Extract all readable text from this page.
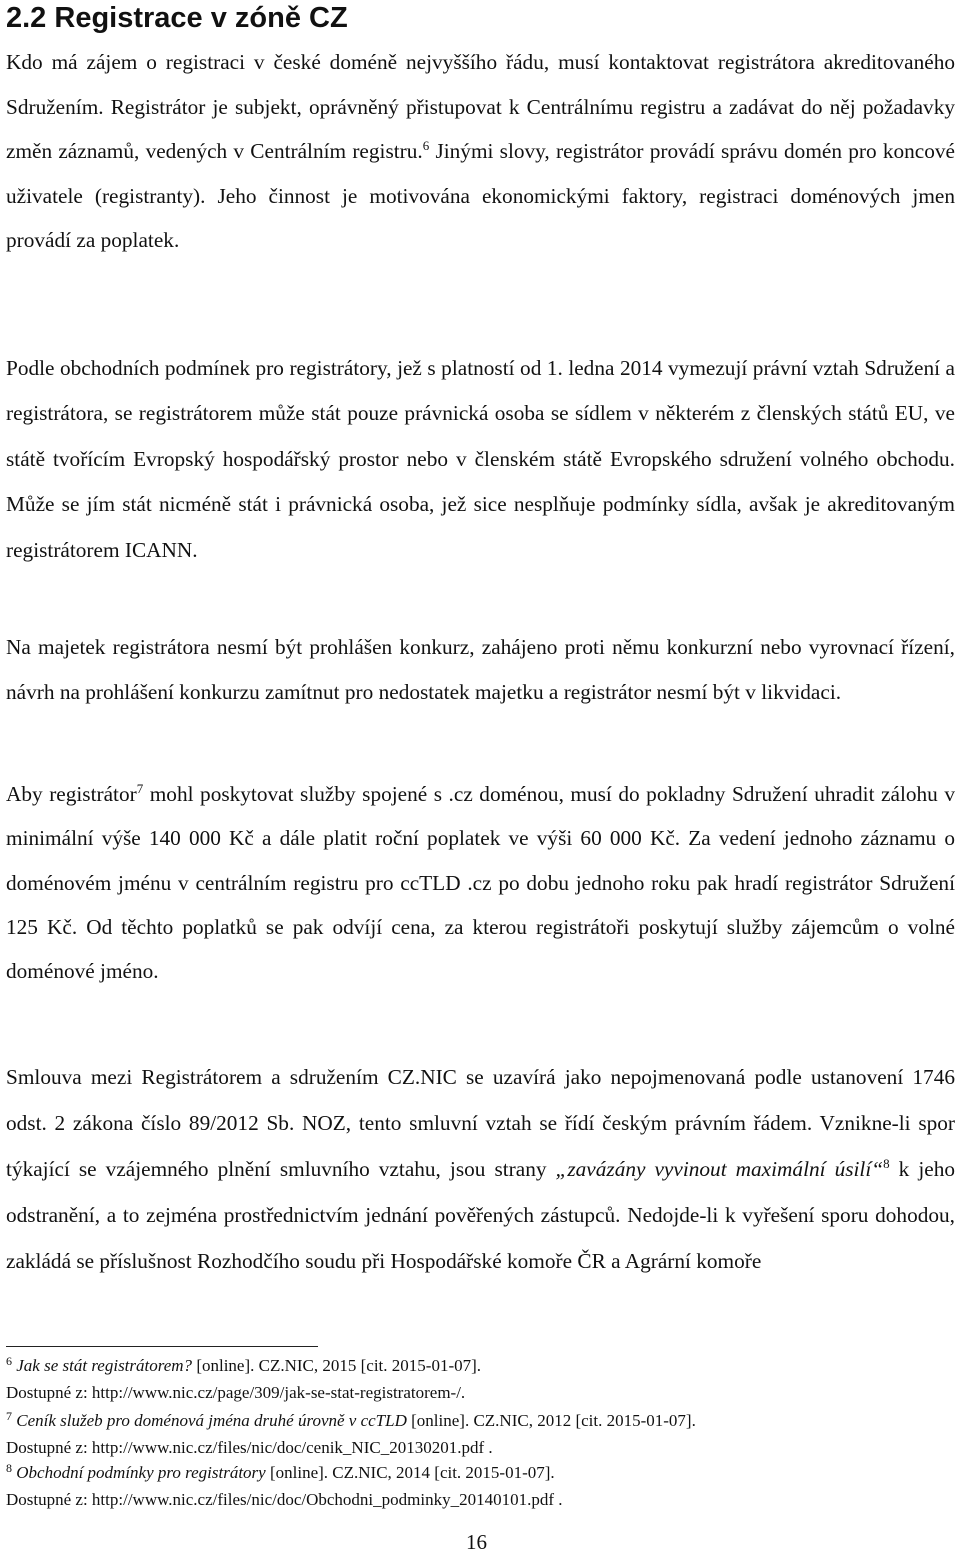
2.2 Registrace v zóně CZ

Kdo má zájem o registraci v české doméně nejvyššího řádu, musí kontaktovat registrátora akreditovaného Sdružením. Registrátor je subjekt, oprávněný přistupovat k Centrálnímu registru a zadávat do něj požadavky změn záznamů, vedených v Centrálním registru.$^6$ Jinými slovy, registrátor provádí správu domén pro koncové uživatele (registranty). Jeho činnost je motivována ekonomickými faktory, registraci doménových jmen provádí za poplatek.

Podle obchodních podmínek pro registrátory, jež s platností od 1. ledna 2014 vymezují právní vztah Sdružení a registrátora, se registrátorem může stát pouze právnická osoba se sídlem v některém z členských států EU, ve státě tvořícím Evropský hospodářský prostor nebo v členském státě Evropského sdružení volného obchodu. Může se jím stát nicméně stát i právnická osoba, jež sice nesplňuje podmínky sídla, avšak je akreditovaným registrátorem ICANN.

Na majetek registrátora nesmí být prohlášen konkurz, zahájeno proti němu konkurzní nebo vyrovnací řízení, návrh na prohlášení konkurzu zamítnut pro nedostatek majetku a registrátor nesmí být v likvidaci.

Aby registrátor$^7$ mohl poskytovat služby spojené s .cz doménou, musí do pokladny Sdružení uhradit zálohu v minimální výše 140 000 Kč a dále platit roční poplatek ve výši 60 000 Kč. Za vedení jednoho záznamu o doménovém jménu v centrálním registru pro ccTLD .cz po dobu jednoho roku pak hradí registrátor Sdružení 125 Kč. Od těchto poplatků se pak odvíjí cena, za kterou registrátoři poskytují služby zájemcům o volné doménové jméno.

Smlouva mezi Registrátorem a sdružením CZ.NIC se uzavírá jako nepojmenovaná podle ustanovení 1746 odst. 2 zákona číslo 89/2012 Sb. NOZ, tento smluvní vztah se řídí českým právním řádem. Vznikne-li spor týkající se vzájemného plnění smluvního vztahu, jsou strany „zavázány vyvinout maximální úsilí“$^8$ k jeho odstranění, a to zejména prostřednictvím jednání pověřených zástupců. Nedojde-li k vyřešení sporu dohodou, zakládá se příslušnost Rozhodčího soudu při Hospodářské komoře ČR a Agrární komoře

$^6$ Jak se stát registrátorem? [online]. CZ.NIC, 2015 [cit. 2015-01-07].
Dostupné z: http://www.nic.cz/page/309/jak-se-stat-registratorem-/.
$^7$ Ceník služeb pro doménová jména druhé úrovně v ccTLD [online]. CZ.NIC, 2012 [cit. 2015-01-07].
Dostupné z: http://www.nic.cz/files/nic/doc/cenik_NIC_20130201.pdf .
$^8$ Obchodní podmínky pro registrátory [online]. CZ.NIC, 2014 [cit. 2015-01-07].
Dostupné z: http://www.nic.cz/files/nic/doc/Obchodni_podminky_20140101.pdf .
16
